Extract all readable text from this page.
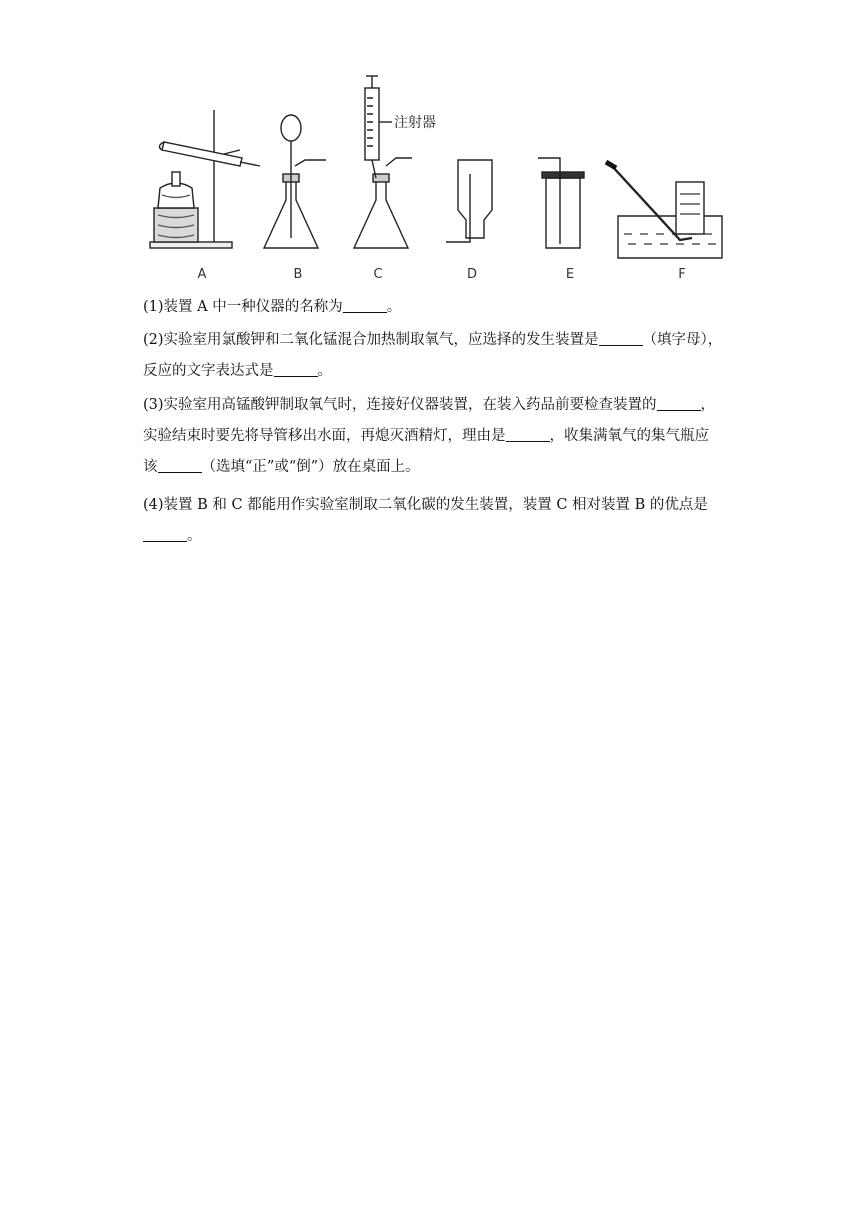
A	B	C	D	E	F
注射器

(1)装置 A 中一种仪器的名称为	。

(2)实验室用氯酸钾和二氧化锰混合加热制取氧气，应选择的发生装置是	（填字母），反应的文字表达式是	。

(3)实验室用高锰酸钾制取氧气时，连接好仪器装置，在装入药品前要检查装置的	，实验结束时要先将导管移出水面，再熄灭酒精灯，理由是	，收集满氧气的集气瓶应该	（选填“正”或“倒”）放在桌面上。

(4)装置 B 和 C 都能用作实验室制取二氧化碳的发生装置，装置 C 相对装置 B 的优点是。
